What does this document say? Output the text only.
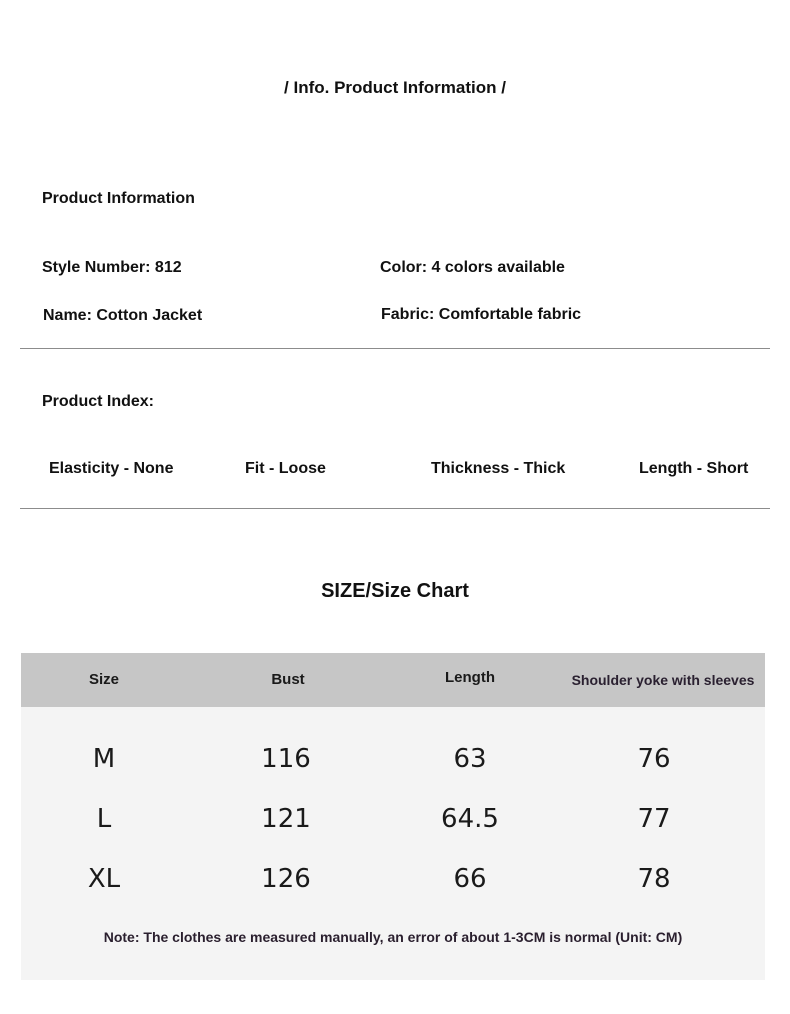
/ Info. Product Information /
Product Information
Style Number: 812	Color: 4 colors available
Name: Cotton Jacket	Fabric: Comfortable fabric
Product Index:
Elasticity - None	Fit - Loose	Thickness - Thick	Length - Short
SIZE/Size Chart
Size	Bust	Length	Shoulder yoke with sleeves
M	116	63	76
L	121	64.5	77
XL	126	66	78
Note: The clothes are measured manually, an error of about 1-3CM is normal (Unit: CM)
